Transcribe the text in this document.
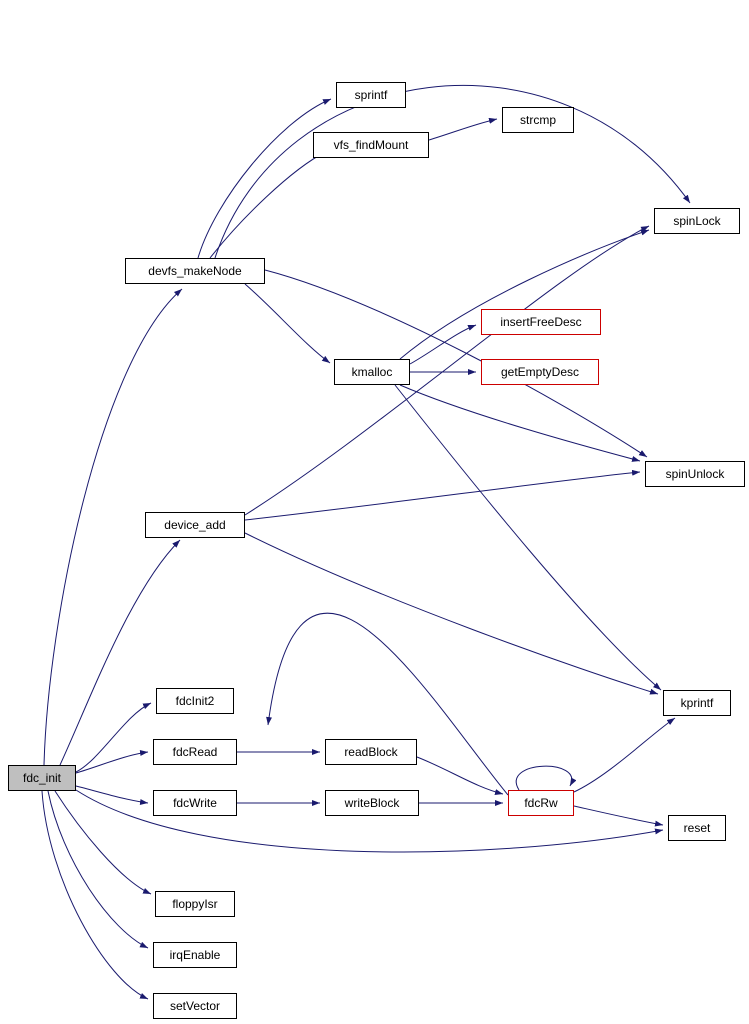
fdc_init
devfs_makeNode
sprintf
vfs_findMount
strcmp
spinLock
kmalloc
insertFreeDesc
getEmptyDesc
spinUnlock
device_add
kprintf
fdcInit2
fdcRead	readBlock
fdcWrite	writeBlock	fdcRw
reset
floppyIsr
irqEnable
setVector
